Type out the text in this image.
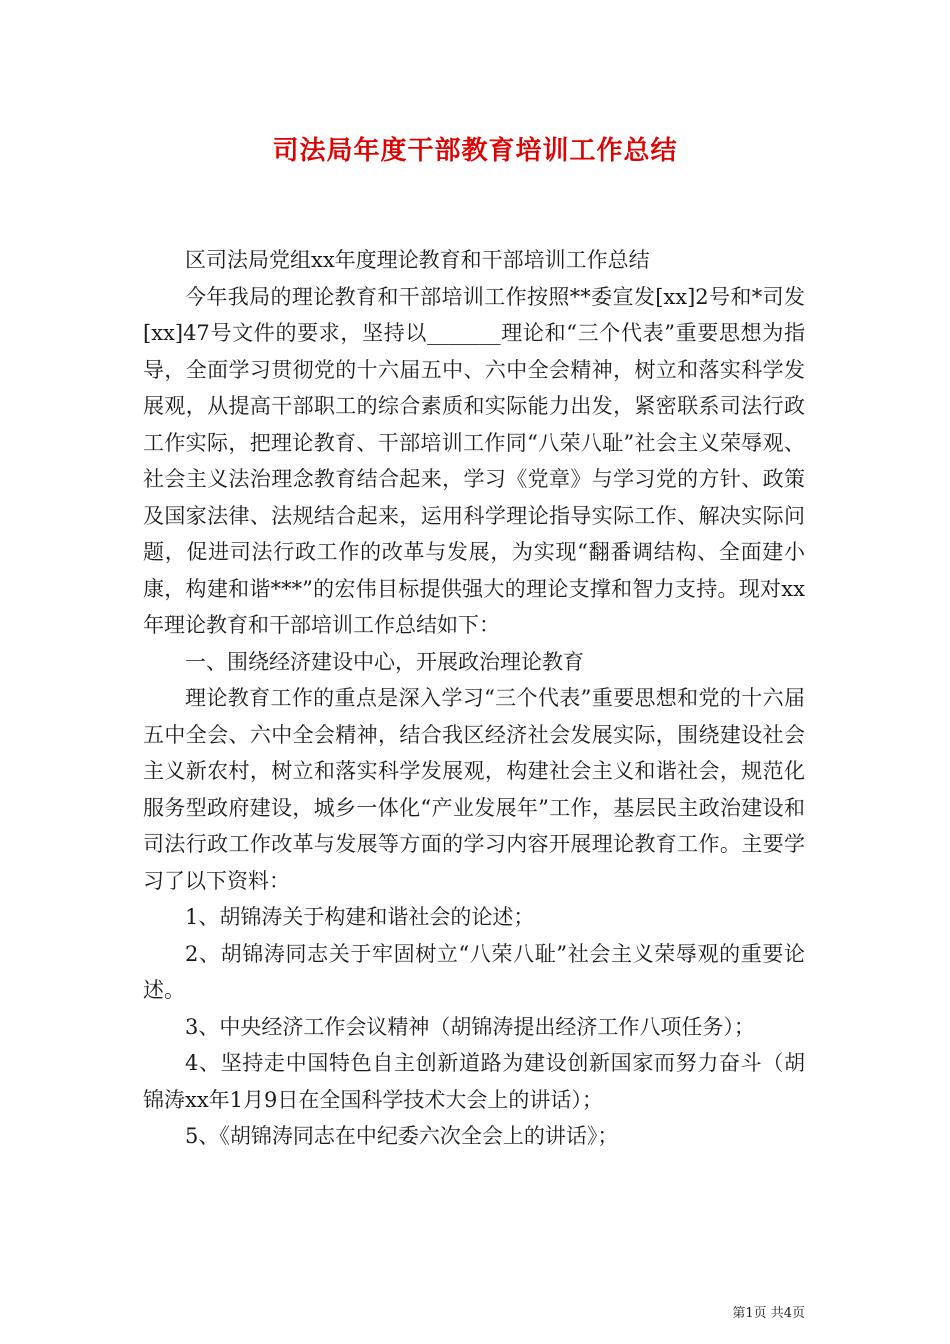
司法局年度干部教育培训工作总结

区司法局党组xx年度理论教育和干部培训工作总结

今年我局的理论教育和干部培训工作按照**委宣发[xx]2号和*司发[xx]47号文件的要求，坚持以_______理论和“三个代表”重要思想为指导，全面学习贯彻党的十六届五中、六中全会精神，树立和落实科学发展观，从提高干部职工的综合素质和实际能力出发，紧密联系司法行政工作实际，把理论教育、干部培训工作同“八荣八耻”社会主义荣辱观、社会主义法治理念教育结合起来，学习《党章》与学习党的方针、政策及国家法律、法规结合起来，运用科学理论指导实际工作、解决实际问题，促进司法行政工作的改革与发展，为实现“翻番调结构、全面建小康，构建和谐***”的宏伟目标提供强大的理论支撑和智力支持。现对xx年理论教育和干部培训工作总结如下：

一、围绕经济建设中心，开展政治理论教育

理论教育工作的重点是深入学习“三个代表”重要思想和党的十六届五中全会、六中全会精神，结合我区经济社会发展实际，围绕建设社会主义新农村，树立和落实科学发展观，构建社会主义和谐社会，规范化服务型政府建设，城乡一体化“产业发展年”工作，基层民主政治建设和司法行政工作改革与发展等方面的学习内容开展理论教育工作。主要学习了以下资料：

1、胡锦涛关于构建和谐社会的论述；

2、胡锦涛同志关于牢固树立“八荣八耻”社会主义荣辱观的重要论述。

3、中央经济工作会议精神（胡锦涛提出经济工作八项任务）；

4、坚持走中国特色自主创新道路为建设创新国家而努力奋斗（胡锦涛xx年1月9日在全国科学技术大会上的讲话）；

5、《胡锦涛同志在中纪委六次全会上的讲话》；

第1页 共4页
